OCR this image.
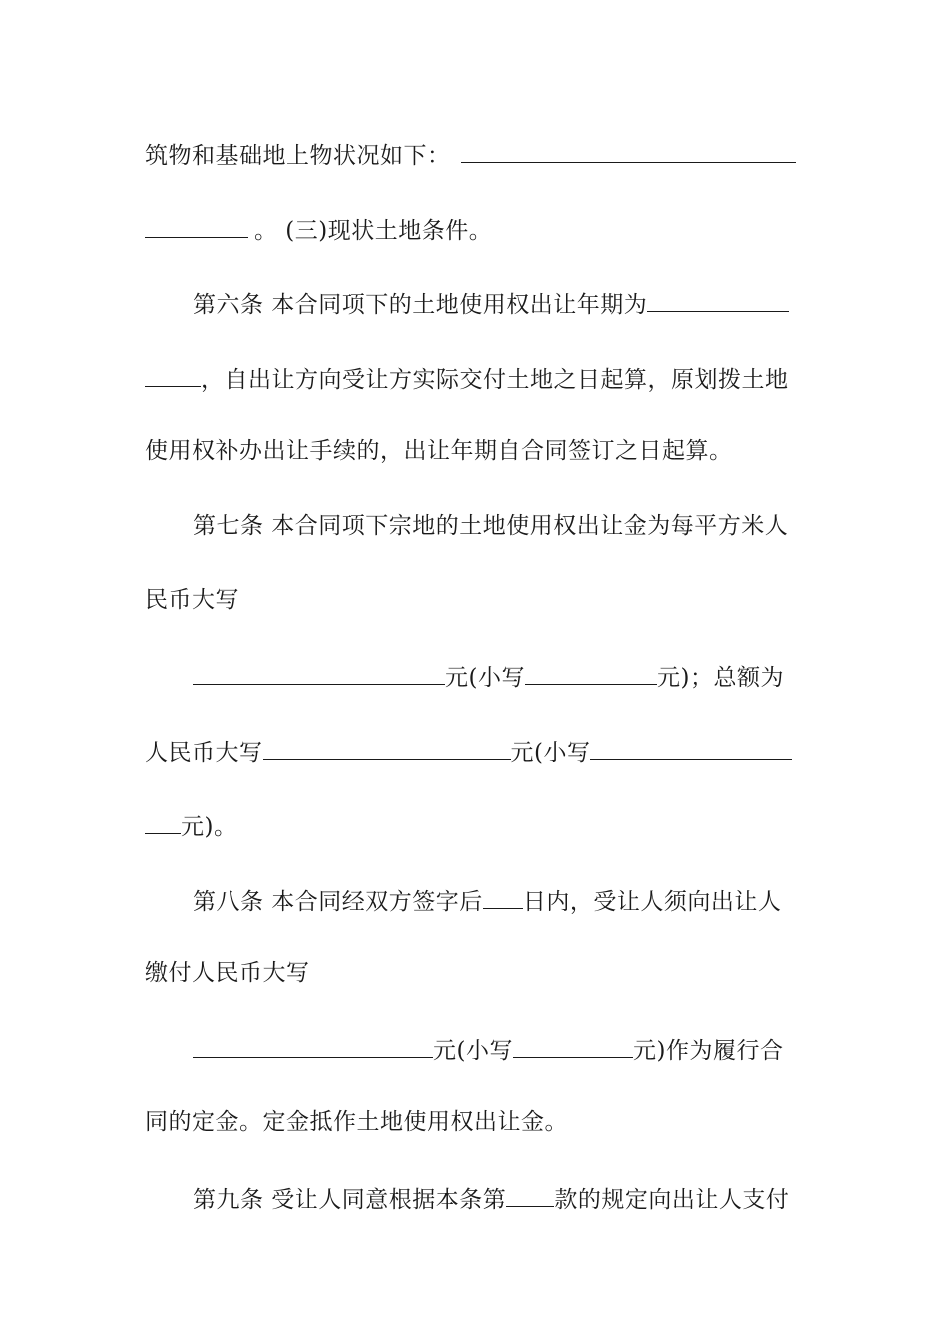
筑物和基础地上物状况如下：
。 (三)现状土地条件。
第六条 本合同项下的土地使用权出让年期为
，自出让方向受让方实际交付土地之日起算，原划拨土地
使用权补办出让手续的，出让年期自合同签订之日起算。
第七条 本合同项下宗地的土地使用权出让金为每平方米人
民币大写
元(小写	元)；总额为
人民币大写	元(小写
元)。
第八条 本合同经双方签字后 日内，受让人须向出让人
缴付人民币大写
元(小写	元)作为履行合
同的定金。定金抵作土地使用权出让金。
第九条 受让人同意根据本条第 款的规定向出让人支付
